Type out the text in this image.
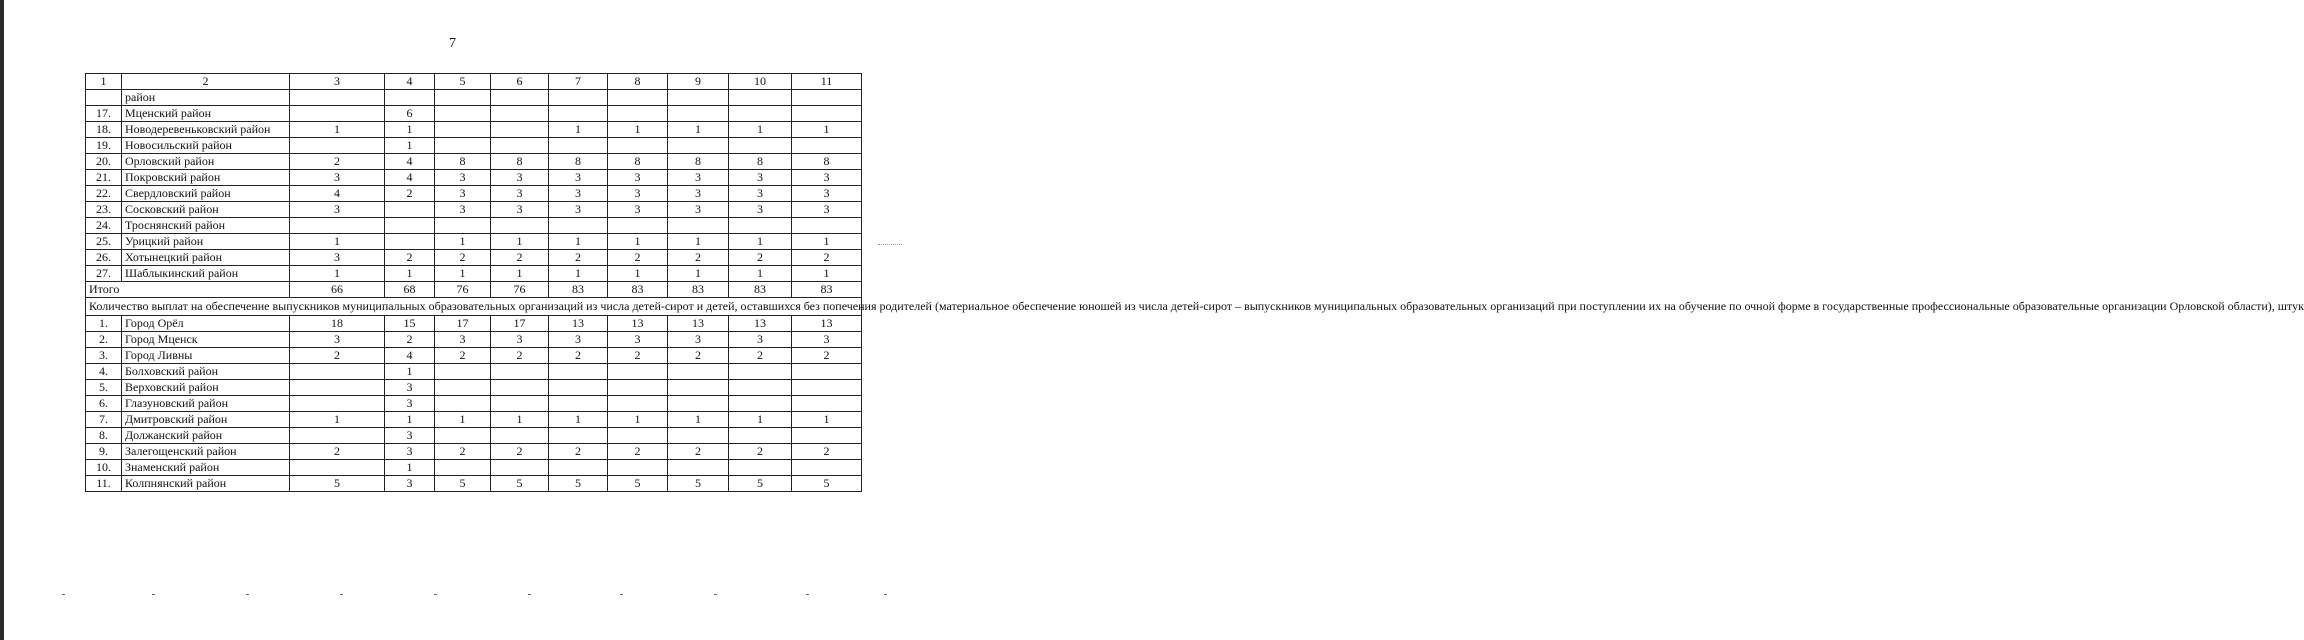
7
1	2	3	4	5	6	7	8	9	10	11
	район									
17.	Мценский район		6							
18.	Новодеревеньковский район	1	1			1	1	1	1	1
19.	Новосильский район		1							
20.	Орловский район	2	4	8	8	8	8	8	8	8
21.	Покровский район	3	4	3	3	3	3	3	3	3
22.	Свердловский район	4	2	3	3	3	3	3	3	3
23.	Сосковский район	3		3	3	3	3	3	3	3
24.	Троснянский район									
25.	Урицкий район	1		1	1	1	1	1	1	1
26.	Хотынецкий район	3	2	2	2	2	2	2	2	2
27.	Шаблыкинский район	1	1	1	1	1	1	1	1	1
Итого		66	68	76	76	83	83	83	83	83
Количество выплат на обеспечение выпускников муниципальных образовательных организаций из числа детей-сирот и детей, оставшихся без попечения родителей (материальное обеспечение юношей из числа детей-сирот – выпускников муниципальных образовательных организаций при поступлении их на обучение по очной форме в государственные профессиональные образовательные организации Орловской области), штук										
1.	Город Орёл	18	15	17	17	13	13	13	13	13
2.	Город Мценск	3	2	3	3	3	3	3	3	3
3.	Город Ливны	2	4	2	2	2	2	2	2	2
4.	Болховский район		1							
5.	Верховский район		3							
6.	Глазуновский район		3							
7.	Дмитровский район	1	1	1	1	1	1	1	1	1
8.	Должанский район		3							
9.	Залегощенский район	2	3	2	2	2	2	2	2	2
10.	Знаменский район		1							
11.	Колпнянский район	5	3	5	5	5	5	5	5	5
